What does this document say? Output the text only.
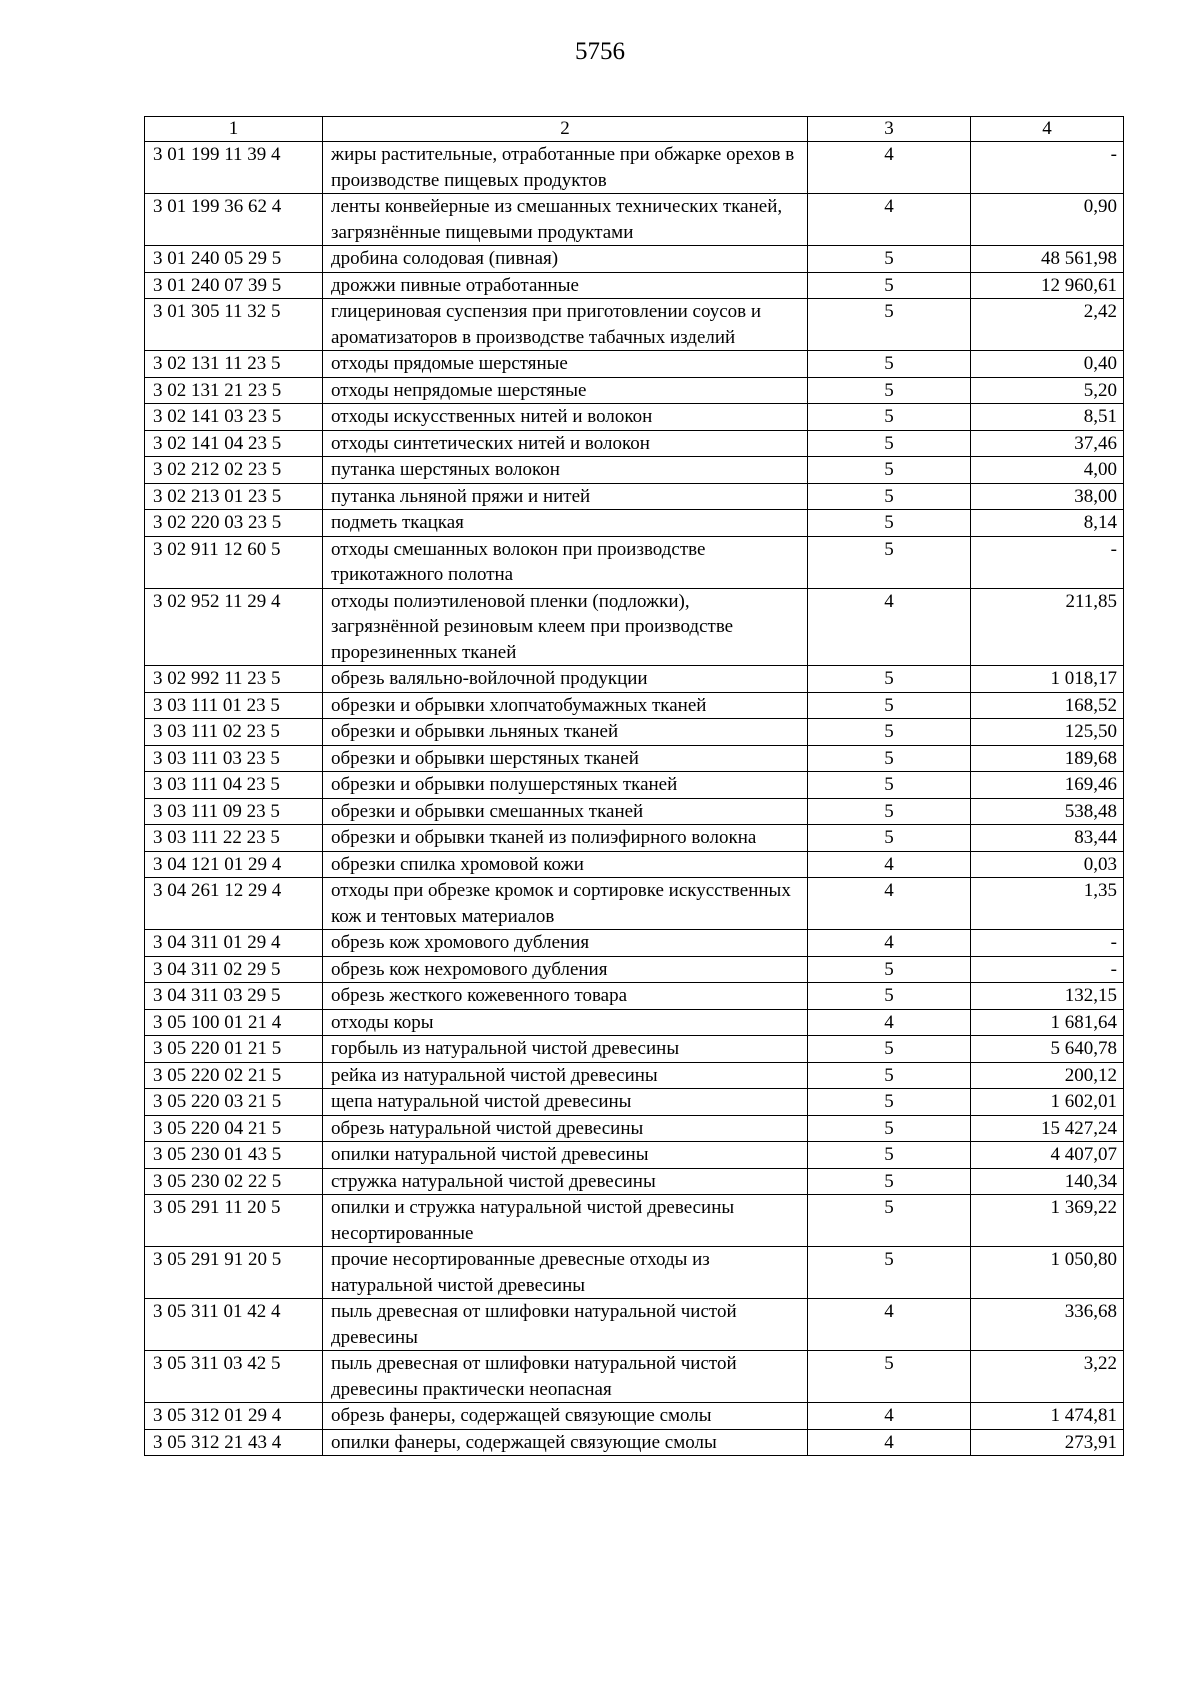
5756
1	2	3	4
3 01 199 11 39 4	жиры растительные, отработанные при обжарке орехов в производстве пищевых продуктов	4	-
3 01 199 36 62 4	ленты конвейерные из смешанных технических тканей, загрязнённые пищевыми продуктами	4	0,90
3 01 240 05 29 5	дробина солодовая (пивная)	5	48 561,98
3 01 240 07 39 5	дрожжи пивные отработанные	5	12 960,61
3 01 305 11 32 5	глицериновая суспензия при приготовлении соусов и ароматизаторов в производстве табачных изделий	5	2,42
3 02 131 11 23 5	отходы прядомые шерстяные	5	0,40
3 02 131 21 23 5	отходы непрядомые шерстяные	5	5,20
3 02 141 03 23 5	отходы искусственных нитей и волокон	5	8,51
3 02 141 04 23 5	отходы синтетических нитей и волокон	5	37,46
3 02 212 02 23 5	путанка шерстяных волокон	5	4,00
3 02 213 01 23 5	путанка льняной пряжи и нитей	5	38,00
3 02 220 03 23 5	подметь ткацкая	5	8,14
3 02 911 12 60 5	отходы смешанных волокон при производстве трикотажного полотна	5	-
3 02 952 11 29 4	отходы полиэтиленовой пленки (подложки), загрязнённой резиновым клеем при производстве прорезиненных тканей	4	211,85
3 02 992 11 23 5	обрезь валяльно-войлочной продукции	5	1 018,17
3 03 111 01 23 5	обрезки и обрывки хлопчатобумажных тканей	5	168,52
3 03 111 02 23 5	обрезки и обрывки льняных тканей	5	125,50
3 03 111 03 23 5	обрезки и обрывки шерстяных тканей	5	189,68
3 03 111 04 23 5	обрезки и обрывки полушерстяных тканей	5	169,46
3 03 111 09 23 5	обрезки и обрывки смешанных тканей	5	538,48
3 03 111 22 23 5	обрезки и обрывки тканей из полиэфирного волокна	5	83,44
3 04 121 01 29 4	обрезки спилка хромовой кожи	4	0,03
3 04 261 12 29 4	отходы при обрезке кромок и сортировке искусственных кож и тентовых материалов	4	1,35
3 04 311 01 29 4	обрезь кож хромового дубления	4	-
3 04 311 02 29 5	обрезь кож нехромового дубления	5	-
3 04 311 03 29 5	обрезь жесткого кожевенного товара	5	132,15
3 05 100 01 21 4	отходы коры	4	1 681,64
3 05 220 01 21 5	горбыль из натуральной чистой древесины	5	5 640,78
3 05 220 02 21 5	рейка из натуральной чистой древесины	5	200,12
3 05 220 03 21 5	щепа натуральной чистой древесины	5	1 602,01
3 05 220 04 21 5	обрезь натуральной чистой древесины	5	15 427,24
3 05 230 01 43 5	опилки натуральной чистой древесины	5	4 407,07
3 05 230 02 22 5	стружка натуральной чистой древесины	5	140,34
3 05 291 11 20 5	опилки и стружка натуральной чистой древесины несортированные	5	1 369,22
3 05 291 91 20 5	прочие несортированные древесные отходы из натуральной чистой древесины	5	1 050,80
3 05 311 01 42 4	пыль древесная от шлифовки натуральной чистой древесины	4	336,68
3 05 311 03 42 5	пыль древесная от шлифовки натуральной чистой древесины практически неопасная	5	3,22
3 05 312 01 29 4	обрезь фанеры, содержащей связующие смолы	4	1 474,81
3 05 312 21 43 4	опилки фанеры, содержащей связующие смолы	4	273,91
